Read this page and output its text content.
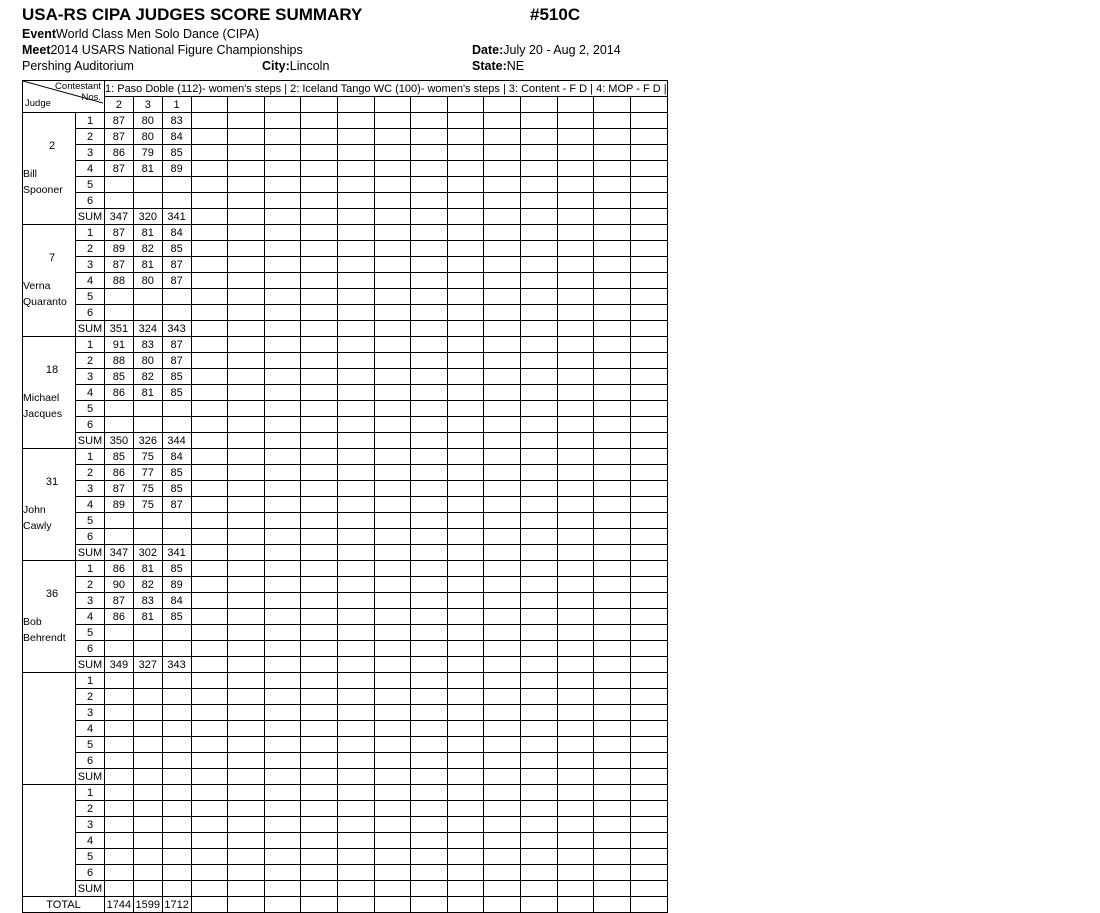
USA-RS CIPA JUDGES SCORE SUMMARY	#510C
EventWorld Class Men Solo Dance (CIPA)
Meet2014 USARS National Figure Championships	Date:July 20 - Aug 2, 2014
Pershing Auditorium	City:Lincoln	State:NE
Contestant
Nos.
Judge		1: Paso Doble (112)- women's steps | 2: Iceland Tango WC (100)- women's steps | 3: Content - F D | 4: MOP - F D |															
		2	3	1													

2
Bill
Spooner	1	87	80	83													
	2	87	80	84													
	3	86	79	85													
	4	87	81	89													
	5																
	6																
	SUM	347	320	341													

7
Verna
Quaranto	1	87	81	84													
	2	89	82	85													
	3	87	81	87													
	4	88	80	87													
	5																
	6																
	SUM	351	324	343													

18
Michael
Jacques	1	91	83	87													
	2	88	80	87													
	3	85	82	85													
	4	86	81	85													
	5																
	6																
	SUM	350	326	344													

31
John
Cawly	1	85	75	84													
	2	86	77	85													
	3	87	75	85													
	4	89	75	87													
	5																
	6																
	SUM	347	302	341													

36
Bob
Behrendt	1	86	81	85													
	2	90	82	89													
	3	87	83	84													
	4	86	81	85													
	5																
	6																
	SUM	349	327	343													

	1																
	2																
	3																
	4																
	5																
	6																
	SUM																

	1																
	2																
	3																
	4																
	5																
	6																
	SUM																
TOTAL		1744	1599	1712													
